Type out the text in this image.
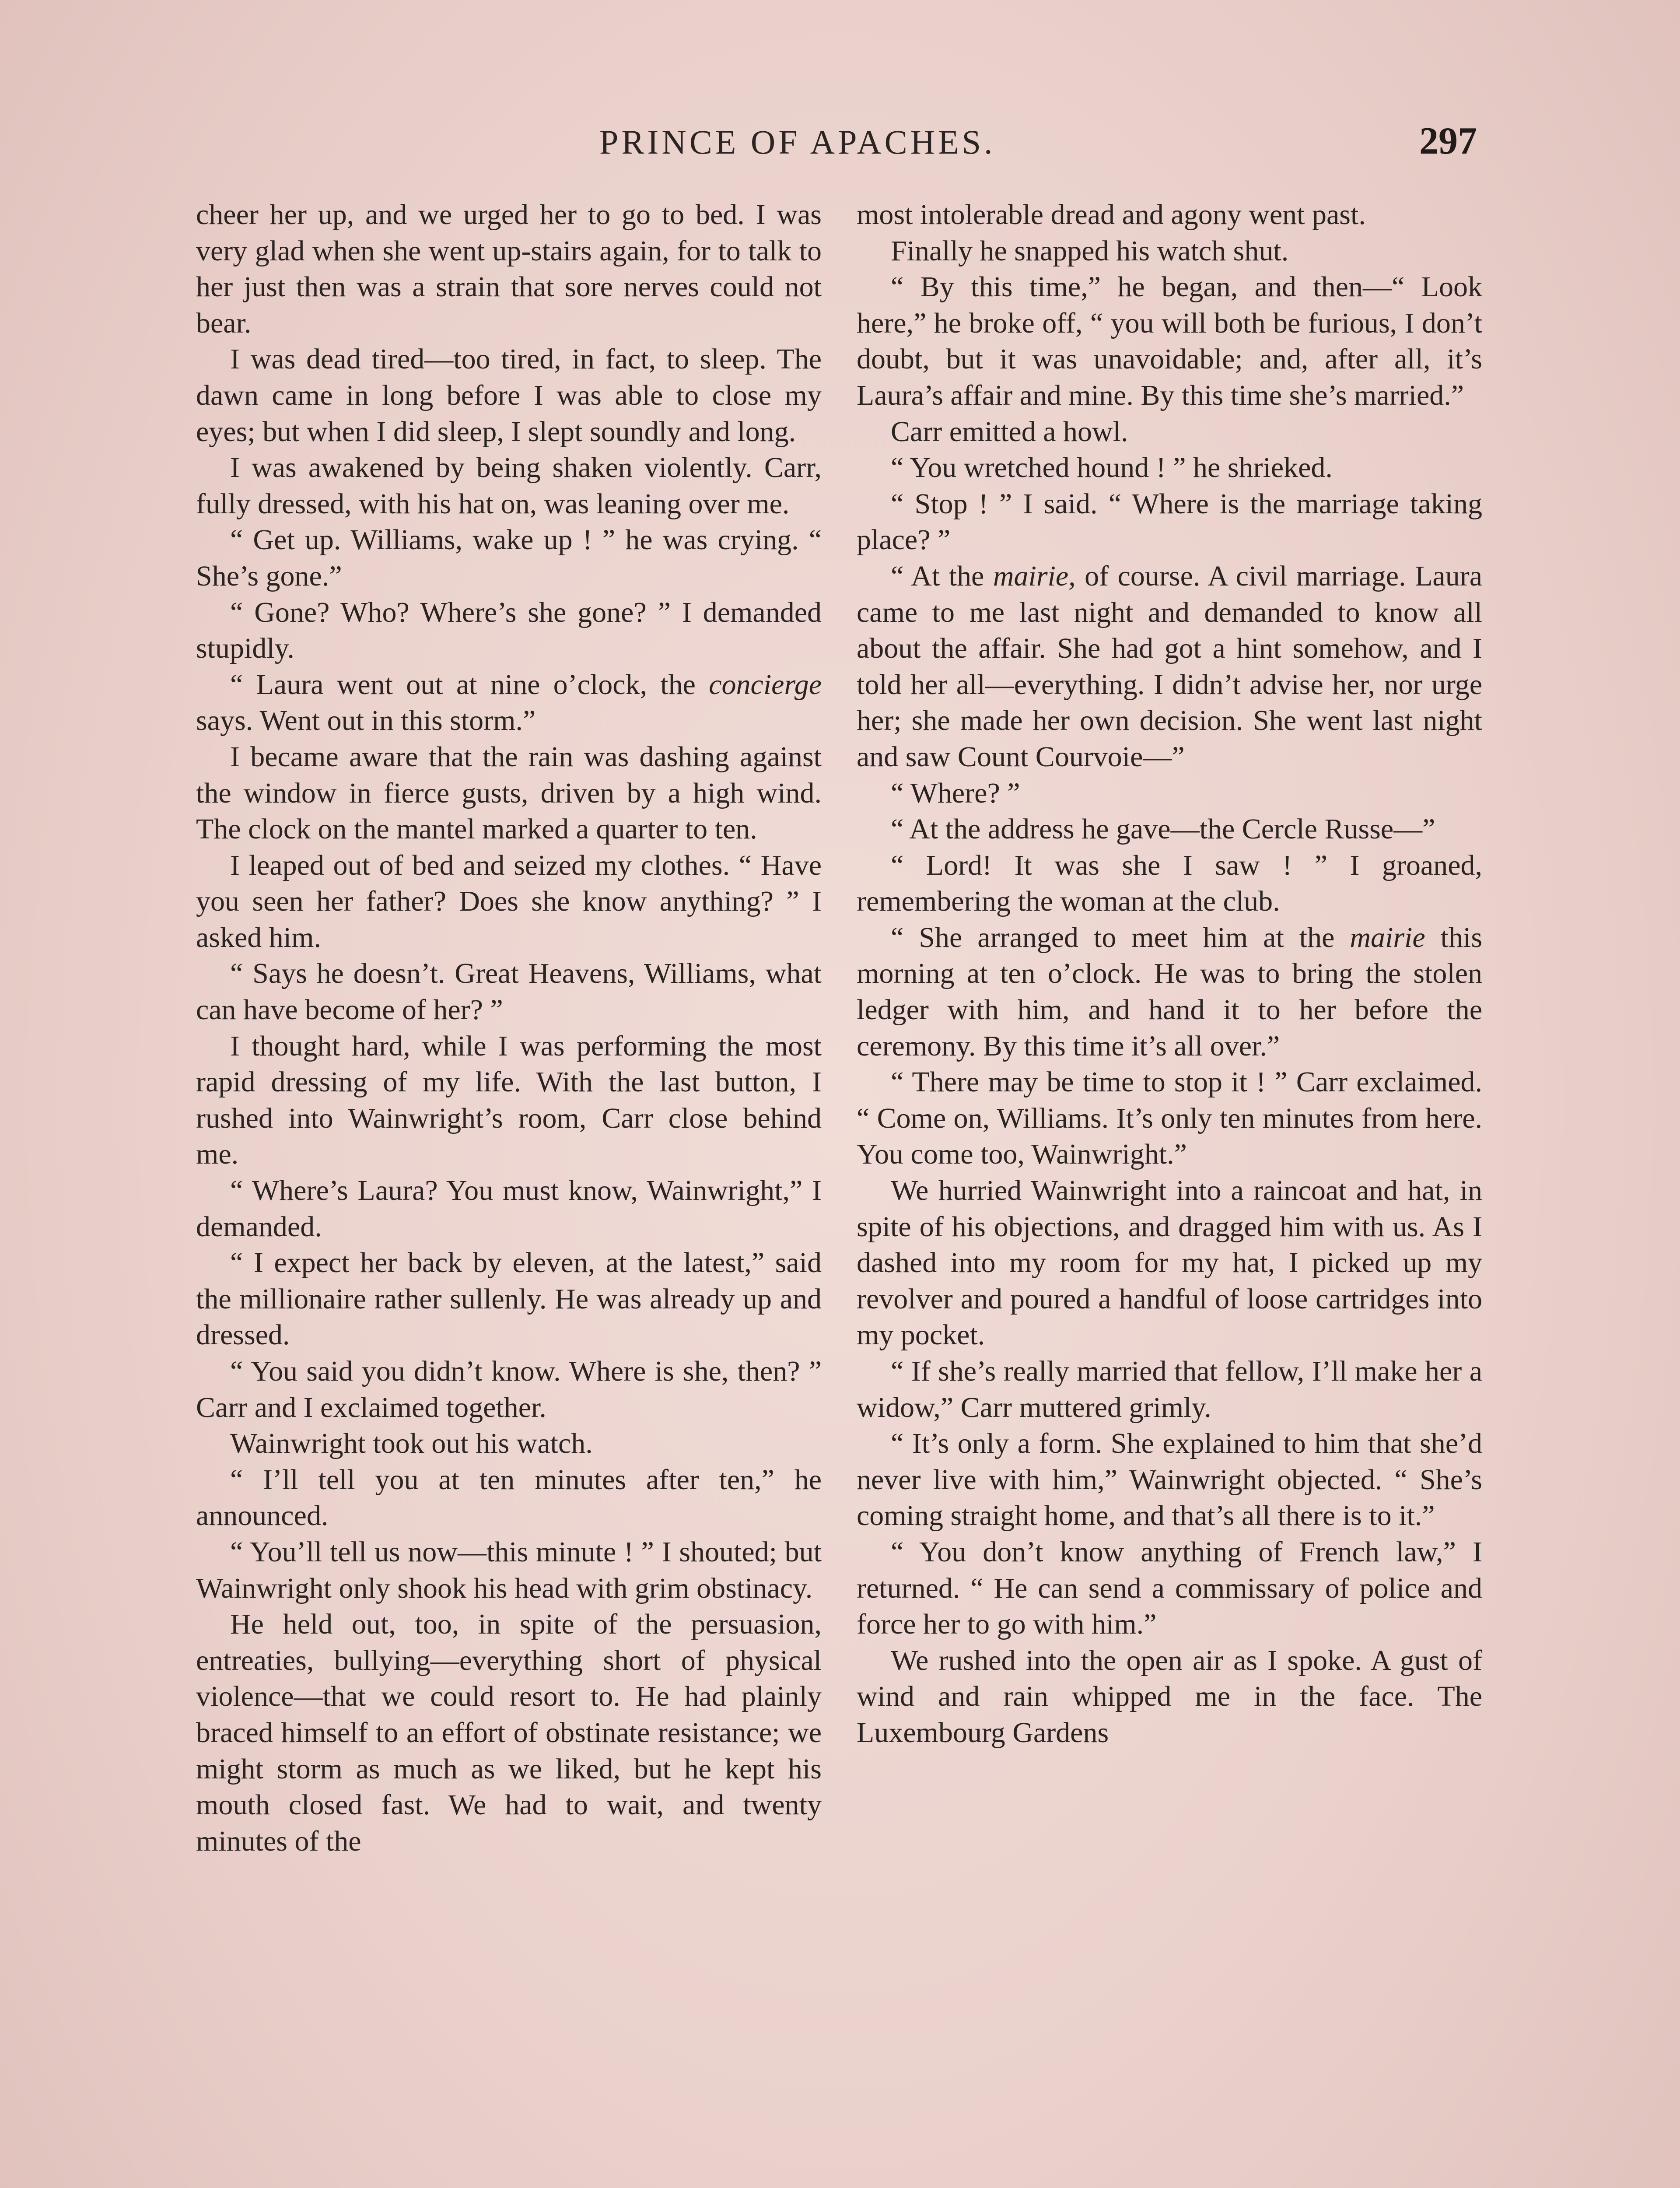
PRINCE OF APACHES.	297

cheer her up, and we urged her to go to bed. I was very glad when she went up-stairs again, for to talk to her just then was a strain that sore nerves could not bear.

I was dead tired—too tired, in fact, to sleep. The dawn came in long before I was able to close my eyes; but when I did sleep, I slept soundly and long.

I was awakened by being shaken violently. Carr, fully dressed, with his hat on, was leaning over me.

“ Get up. Williams, wake up ! ” he was crying. “ She’s gone.”

“ Gone? Who? Where’s she gone? ” I demanded stupidly.

“ Laura went out at nine o’clock, the concierge says. Went out in this storm.”

I became aware that the rain was dashing against the window in fierce gusts, driven by a high wind. The clock on the mantel marked a quarter to ten.

I leaped out of bed and seized my clothes. “ Have you seen her father? Does she know anything? ” I asked him.

“ Says he doesn’t. Great Heavens, Williams, what can have become of her? ”

I thought hard, while I was performing the most rapid dressing of my life. With the last button, I rushed into Wainwright’s room, Carr close behind me.

“ Where’s Laura? You must know, Wainwright,” I demanded.

“ I expect her back by eleven, at the latest,” said the millionaire rather sullenly. He was already up and dressed.

“ You said you didn’t know. Where is she, then? ” Carr and I exclaimed together.

Wainwright took out his watch.

“ I’ll tell you at ten minutes after ten,” he announced.

“ You’ll tell us now—this minute ! ” I shouted; but Wainwright only shook his head with grim obstinacy.

He held out, too, in spite of the persuasion, entreaties, bullying—everything short of physical violence—that we could resort to. He had plainly braced himself to an effort of obstinate resistance; we might storm as much as we liked, but he kept his mouth closed fast. We had to wait, and twenty minutes of the

most intolerable dread and agony went past.

Finally he snapped his watch shut.

“ By this time,” he began, and then—“ Look here,” he broke off, “ you will both be furious, I don’t doubt, but it was unavoidable; and, after all, it’s Laura’s affair and mine. By this time she’s married.”

Carr emitted a howl.

“ You wretched hound ! ” he shrieked.

“ Stop ! ” I said. “ Where is the marriage taking place? ”

“ At the mairie, of course. A civil marriage. Laura came to me last night and demanded to know all about the affair. She had got a hint somehow, and I told her all—everything. I didn’t advise her, nor urge her; she made her own decision. She went last night and saw Count Courvoie—”

“ Where? ”

“ At the address he gave—the Cercle Russe—”

“ Lord! It was she I saw ! ” I groaned, remembering the woman at the club.

“ She arranged to meet him at the mairie this morning at ten o’clock. He was to bring the stolen ledger with him, and hand it to her before the ceremony. By this time it’s all over.”

“ There may be time to stop it ! ” Carr exclaimed. “ Come on, Williams. It’s only ten minutes from here. You come too, Wainwright.”

We hurried Wainwright into a raincoat and hat, in spite of his objections, and dragged him with us. As I dashed into my room for my hat, I picked up my revolver and poured a handful of loose cartridges into my pocket.

“ If she’s really married that fellow, I’ll make her a widow,” Carr muttered grimly.

“ It’s only a form. She explained to him that she’d never live with him,” Wainwright objected. “ She’s coming straight home, and that’s all there is to it.”

“ You don’t know anything of French law,” I returned. “ He can send a commissary of police and force her to go with him.”

We rushed into the open air as I spoke. A gust of wind and rain whipped me in the face. The Luxembourg Gardens
